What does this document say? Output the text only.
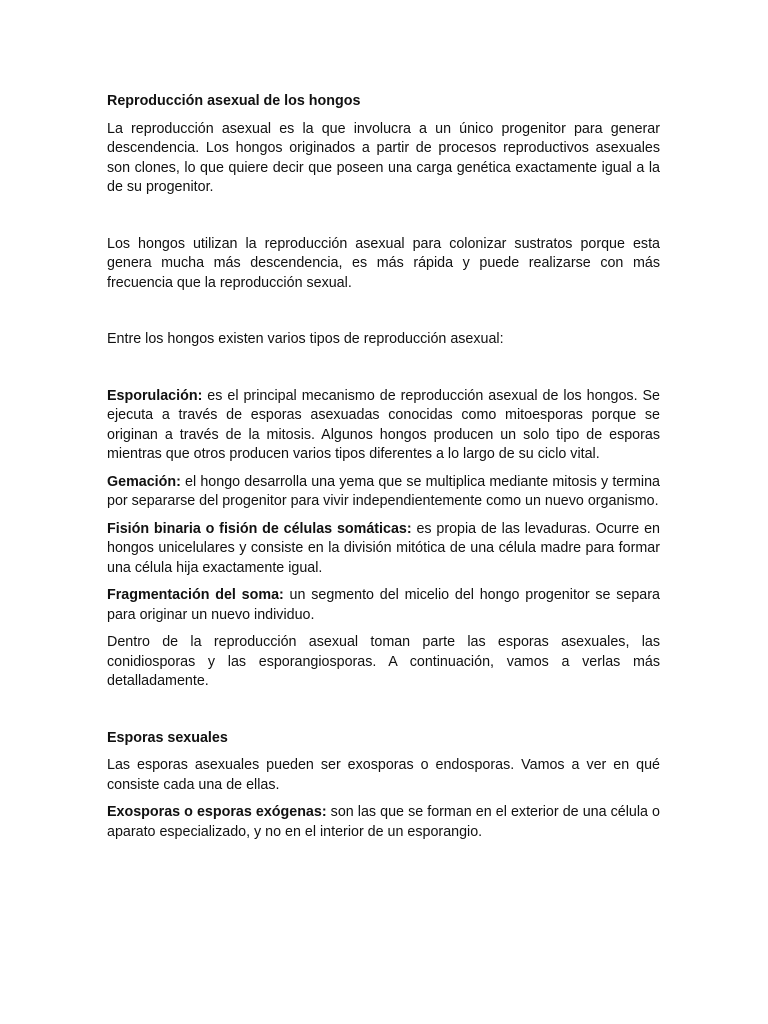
Reproducción asexual de los hongos

La reproducción asexual es la que involucra a un único progenitor para generar descendencia. Los hongos originados a partir de procesos reproductivos asexuales son clones, lo que quiere decir que poseen una carga genética exactamente igual a la de su progenitor.

Los hongos utilizan la reproducción asexual para colonizar sustratos porque esta genera mucha más descendencia, es más rápida y puede realizarse con más frecuencia que la reproducción sexual.

Entre los hongos existen varios tipos de reproducción asexual:

Esporulación: es el principal mecanismo de reproducción asexual de los hongos. Se ejecuta a través de esporas asexuadas conocidas como mitoesporas porque se originan a través de la mitosis. Algunos hongos producen un solo tipo de esporas mientras que otros producen varios tipos diferentes a lo largo de su ciclo vital.

Gemación: el hongo desarrolla una yema que se multiplica mediante mitosis y termina por separarse del progenitor para vivir independientemente como un nuevo organismo.

Fisión binaria o fisión de células somáticas: es propia de las levaduras. Ocurre en hongos unicelulares y consiste en la división mitótica de una célula madre para formar una célula hija exactamente igual.

Fragmentación del soma: un segmento del micelio del hongo progenitor se separa para originar un nuevo individuo.

Dentro de la reproducción asexual toman parte las esporas asexuales, las conidiosporas y las esporangiosporas. A continuación, vamos a verlas más detalladamente.

Esporas sexuales

Las esporas asexuales pueden ser exosporas o endosporas. Vamos a ver en qué consiste cada una de ellas.

Exosporas o esporas exógenas: son las que se forman en el exterior de una célula o aparato especializado, y no en el interior de un esporangio.
